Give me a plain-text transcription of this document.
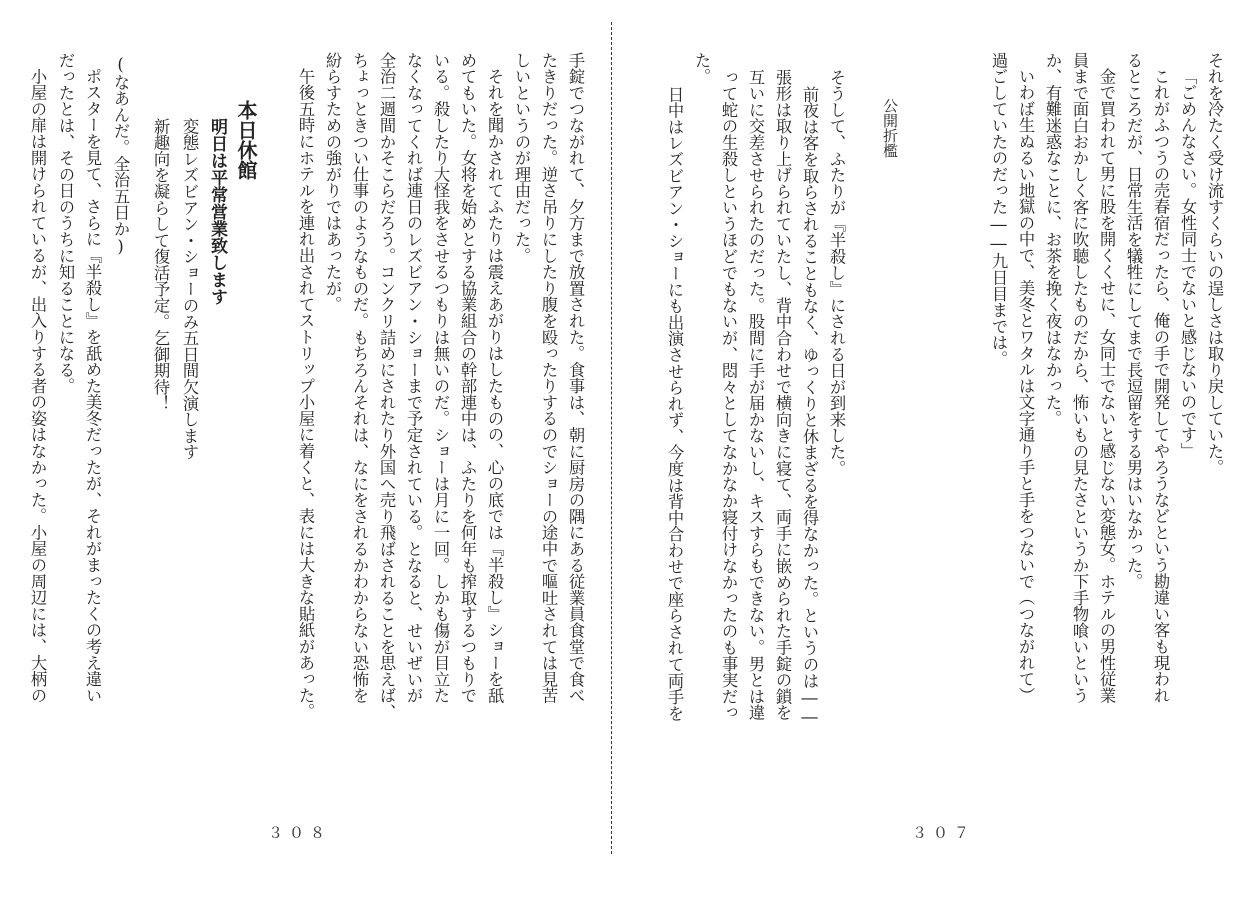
それを冷たく受け流すくらいの逞しさは取り戻していた。
「ごめんなさい。女性同士でないと感じないのです」
これがふつうの売春宿だったら、俺の手で開発してやろうなどという勘違い客も現われ
るところだが、日常生活を犠牲にしてまで長逗留をする男はいなかった。
金で買われて男に股を開くくせに、女同士でないと感じない変態女。ホテルの男性従業
員まで面白おかしく客に吹聴したものだから、怖いもの見たさというか下手物喰いという
か、有難迷惑なことに、お茶を挽く夜はなかった。
いわば生ぬるい地獄の中で、美冬とワタルは文字通り手と手をつないで（つながれて）
過ごしていたのだった――九日目までは。
公開折檻
そうして、ふたりが『半殺し』にされる日が到来した。
前夜は客を取らされることもなく、ゆっくりと休まざるを得なかった。というのは――
張形は取り上げられていたし、背中合わせで横向きに寝て、両手に嵌められた手錠の鎖を
互いに交差させられたのだった。股間に手が届かないし、キスすらもできない。男とは違
って蛇の生殺しというほどでもないが、悶々としてなかなか寝付けなかったのも事実だっ
た。
日中はレズビアン・ショーにも出演させられず、今度は背中合わせで座らされて両手を
３０７
手錠でつながれて、夕方まで放置された。食事は、朝に厨房の隅にある従業員食堂で食べ
たきりだった。逆さ吊りにしたり腹を殴ったりするのでショーの途中で嘔吐されては見苦
しいというのが理由だった。
それを聞かされてふたりは震えあがりはしたものの、心の底では『半殺し』ショーを舐
めてもいた。女将を始めとする協業組合の幹部連中は、ふたりを何年も搾取するつもりで
いる。殺したり大怪我をさせるつもりは無いのだ。ショーは月に一回。しかも傷が目立た
なくなってくれば連日のレズビアン・ショーまで予定されている。となると、せいぜいが
全治二週間かそこらだろう。コンクリ詰めにされたり外国へ売り飛ばされることを思えば、
ちょっときつい仕事のようなものだ。もちろんそれは、なにをされるかわからない恐怖を
紛らすための強がりではあったが。
午後五時にホテルを連れ出されてストリップ小屋に着くと、表には大きな貼紙があった。
本日休館
明日は平常営業致します
変態レズビアン・ショーのみ五日間欠演します
新趣向を凝らして復活予定。乞御期待！
(なあんだ。全治五日か)
ポスターを見て、さらに『半殺し』を舐めた美冬だったが、それがまったくの考え違い
だったとは、その日のうちに知ることになる。
小屋の扉は開けられているが、出入りする者の姿はなかった。小屋の周辺には、大柄の
３０８
